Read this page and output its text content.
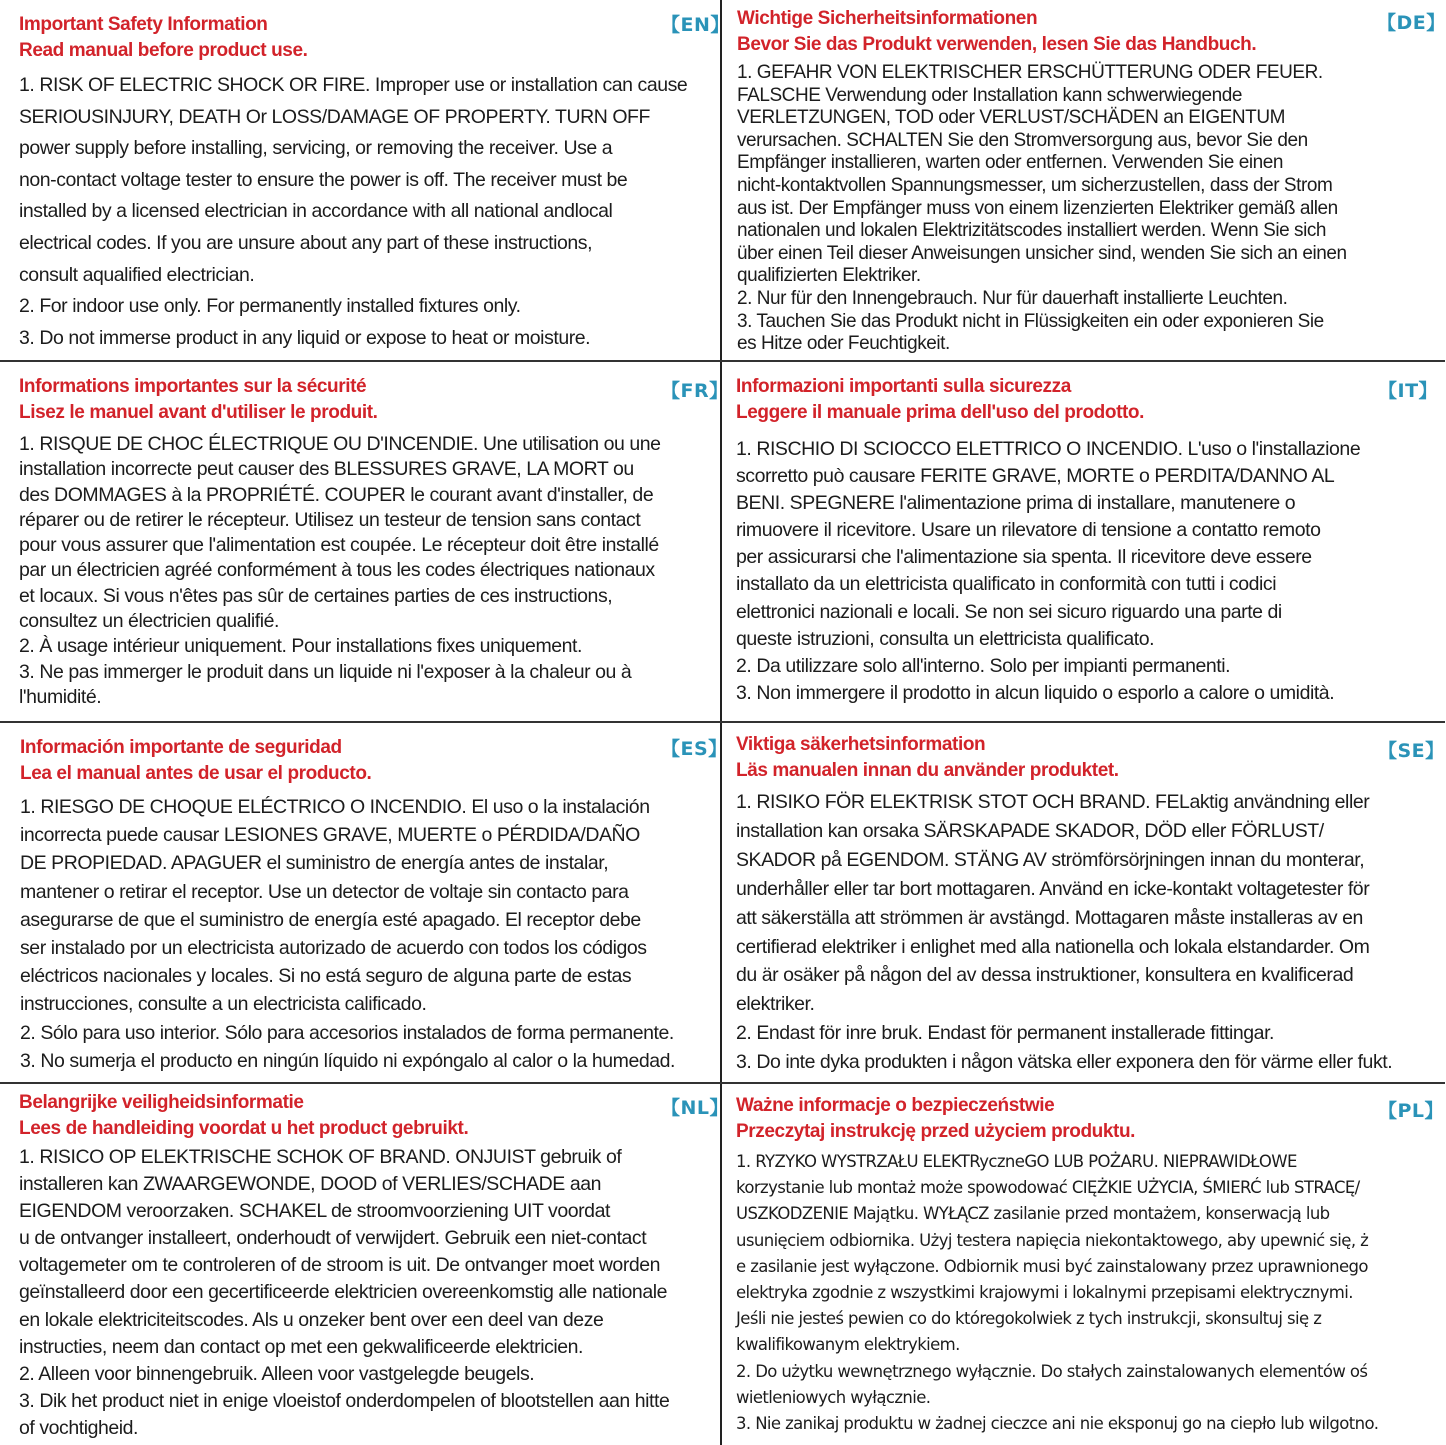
【EN】
Important Safety Information
Read manual before product use.

1. RISK OF ELECTRIC SHOCK OR FIRE. Improper use or installation can cause

SERIOUSINJURY, DEATH Or LOSS/DAMAGE OF PROPERTY. TURN OFF

power supply before installing, servicing, or removing the receiver. Use a

non-contact voltage tester to ensure the power is off. The receiver must be

installed by a licensed electrician in accordance with all national andlocal

electrical codes. If you are unsure about any part of these instructions,

consult aqualified electrician.

2. For indoor use only. For permanently installed fixtures only.

3. Do not immerse product in any liquid or expose to heat or moisture.

【DE】
Wichtige Sicherheitsinformationen
Bevor Sie das Produkt verwenden, lesen Sie das Handbuch.

1. GEFAHR VON ELEKTRISCHER ERSCHÜTTERUNG ODER FEUER.

FALSCHE Verwendung oder Installation kann schwerwiegende

VERLETZUNGEN, TOD oder VERLUST/SCHÄDEN an EIGENTUM

verursachen. SCHALTEN Sie den Stromversorgung aus, bevor Sie den

Empfänger installieren, warten oder entfernen. Verwenden Sie einen

nicht-kontaktvollen Spannungsmesser, um sicherzustellen, dass der Strom

aus ist. Der Empfänger muss von einem lizenzierten Elektriker gemäß allen

nationalen und lokalen Elektrizitätscodes installiert werden. Wenn Sie sich

über einen Teil dieser Anweisungen unsicher sind, wenden Sie sich an einen

qualifizierten Elektriker.

2. Nur für den Innengebrauch. Nur für dauerhaft installierte Leuchten.

3. Tauchen Sie das Produkt nicht in Flüssigkeiten ein oder exponieren Sie

es Hitze oder Feuchtigkeit.

【FR】
Informations importantes sur la sécurité
Lisez le manuel avant d'utiliser le produit.

1. RISQUE DE CHOC ÉLECTRIQUE OU D'INCENDIE. Une utilisation ou une

installation incorrecte peut causer des BLESSURES GRAVE, LA MORT ou

des DOMMAGES à la PROPRIÉTÉ. COUPER le courant avant d'installer, de

réparer ou de retirer le récepteur. Utilisez un testeur de tension sans contact

pour vous assurer que l'alimentation est coupée. Le récepteur doit être installé

par un électricien agréé conformément à tous les codes électriques nationaux

et locaux. Si vous n'êtes pas sûr de certaines parties de ces instructions,

consultez un électricien qualifié.

2. À usage intérieur uniquement. Pour installations fixes uniquement.

3. Ne pas immerger le produit dans un liquide ni l'exposer à la chaleur ou à

l'humidité.

【IT】
Informazioni importanti sulla sicurezza
Leggere il manuale prima dell'uso del prodotto.

1. RISCHIO DI SCIOCCO ELETTRICO O INCENDIO. L'uso o l'installazione

scorretto può causare FERITE GRAVE, MORTE o PERDITA/DANNO AL

BENI. SPEGNERE l'alimentazione prima di installare, manutenere o

rimuovere il ricevitore. Usare un rilevatore di tensione a contatto remoto

per assicurarsi che l'alimentazione sia spenta. Il ricevitore deve essere

installato da un elettricista qualificato in conformità con tutti i codici

elettronici nazionali e locali. Se non sei sicuro riguardo una parte di

queste istruzioni, consulta un elettricista qualificato.

2. Da utilizzare solo all'interno. Solo per impianti permanenti.

3. Non immergere il prodotto in alcun liquido o esporlo a calore o umidità.

【ES】
Información importante de seguridad
Lea el manual antes de usar el producto.

1. RIESGO DE CHOQUE ELÉCTRICO O INCENDIO. El uso o la instalación

incorrecta puede causar LESIONES GRAVE, MUERTE o PÉRDIDA/DAÑO

DE PROPIEDAD. APAGUER el suministro de energía antes de instalar,

mantener o retirar el receptor. Use un detector de voltaje sin contacto para

asegurarse de que el suministro de energía esté apagado. El receptor debe

ser instalado por un electricista autorizado de acuerdo con todos los códigos

eléctricos nacionales y locales. Si no está seguro de alguna parte de estas

instrucciones, consulte a un electricista calificado.

2. Sólo para uso interior. Sólo para accesorios instalados de forma permanente.

3. No sumerja el producto en ningún líquido ni expóngalo al calor o la humedad.

【SE】
Viktiga säkerhetsinformation
Läs manualen innan du använder produktet.

1. RISIKO FÖR ELEKTRISK STOT OCH BRAND. FELaktig användning eller

installation kan orsaka SÄRSKAPADE SKADOR, DÖD eller FÖRLUST/

SKADOR på EGENDOM. STÄNG AV strömförsörjningen innan du monterar,

underhåller eller tar bort mottagaren. Använd en icke-kontakt voltagetester för

att säkerställa att strömmen är avstängd. Mottagaren måste installeras av en

certifierad elektriker i enlighet med alla nationella och lokala elstandarder. Om

du är osäker på någon del av dessa instruktioner, konsultera en kvalificerad

elektriker.

2. Endast för inre bruk. Endast för permanent installerade fittingar.

3. Do inte dyka produkten i någon vätska eller exponera den för värme eller fukt.

【NL】
Belangrijke veiligheidsinformatie
Lees de handleiding voordat u het product gebruikt.

1. RISICO OP ELEKTRISCHE SCHOK OF BRAND. ONJUIST gebruik of

installeren kan ZWAARGEWONDE, DOOD of VERLIES/SCHADE aan

EIGENDOM veroorzaken. SCHAKEL de stroomvoorziening UIT voordat

u de ontvanger installeert, onderhoudt of verwijdert. Gebruik een niet-contact

voltagemeter om te controleren of de stroom is uit. De ontvanger moet worden

geïnstalleerd door een gecertificeerde elektricien overeenkomstig alle nationale

en lokale elektriciteitscodes. Als u onzeker bent over een deel van deze

instructies, neem dan contact op met een gekwalificeerde elektricien.

2. Alleen voor binnengebruik. Alleen voor vastgelegde beugels.

3. Dik het product niet in enige vloeistof onderdompelen of blootstellen aan hitte

of vochtigheid.

【PL】
Ważne informacje o bezpieczeństwie
Przeczytaj instrukcję przed użyciem produktu.

1. RYZYKO WYSTRZAŁU ELEKTRyczneGO LUB POŻARU. NIEPRAWIDŁOWE

korzystanie lub montaż może spowodować CIĘŻKIE UŻYCIA, ŚMIERĆ lub STRACĘ/

USZKODZENIE Majątku. WYŁĄCZ zasilanie przed montażem, konserwacją lub

usunięciem odbiornika. Użyj testera napięcia niekontaktowego, aby upewnić się, ż

e zasilanie jest wyłączone. Odbiornik musi być zainstalowany przez uprawnionego

elektryka zgodnie z wszystkimi krajowymi i lokalnymi przepisami elektrycznymi.

Jeśli nie jesteś pewien co do któregokolwiek z tych instrukcji, skonsultuj się z

kwalifikowanym elektrykiem.

2. Do użytku wewnętrznego wyłącznie. Do stałych zainstalowanych elementów oś

wietleniowych wyłącznie.

3. Nie zanikaj produktu w żadnej cieczce ani nie eksponuj go na ciepło lub wilgotno.
